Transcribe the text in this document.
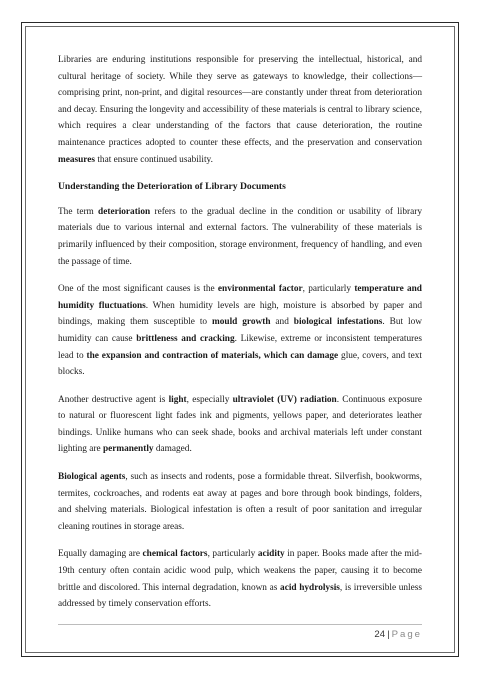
Libraries are enduring institutions responsible for preserving the intellectual, historical, and cultural heritage of society. While they serve as gateways to knowledge, their collections—comprising print, non-print, and digital resources—are constantly under threat from deterioration and decay. Ensuring the longevity and accessibility of these materials is central to library science, which requires a clear understanding of the factors that cause deterioration, the routine maintenance practices adopted to counter these effects, and the preservation and conservation measures that ensure continued usability.

Understanding the Deterioration of Library Documents

The term deterioration refers to the gradual decline in the condition or usability of library materials due to various internal and external factors. The vulnerability of these materials is primarily influenced by their composition, storage environment, frequency of handling, and even the passage of time.

One of the most significant causes is the environmental factor, particularly temperature and humidity fluctuations. When humidity levels are high, moisture is absorbed by paper and bindings, making them susceptible to mould growth and biological infestations. But low humidity can cause brittleness and cracking. Likewise, extreme or inconsistent temperatures lead to the expansion and contraction of materials, which can damage glue, covers, and text blocks.

Another destructive agent is light, especially ultraviolet (UV) radiation. Continuous exposure to natural or fluorescent light fades ink and pigments, yellows paper, and deteriorates leather bindings. Unlike humans who can seek shade, books and archival materials left under constant lighting are permanently damaged.

Biological agents, such as insects and rodents, pose a formidable threat. Silverfish, bookworms, termites, cockroaches, and rodents eat away at pages and bore through book bindings, folders, and shelving materials. Biological infestation is often a result of poor sanitation and irregular cleaning routines in storage areas.

Equally damaging are chemical factors, particularly acidity in paper. Books made after the mid-19th century often contain acidic wood pulp, which weakens the paper, causing it to become brittle and discolored. This internal degradation, known as acid hydrolysis, is irreversible unless addressed by timely conservation efforts.

24 | Page
